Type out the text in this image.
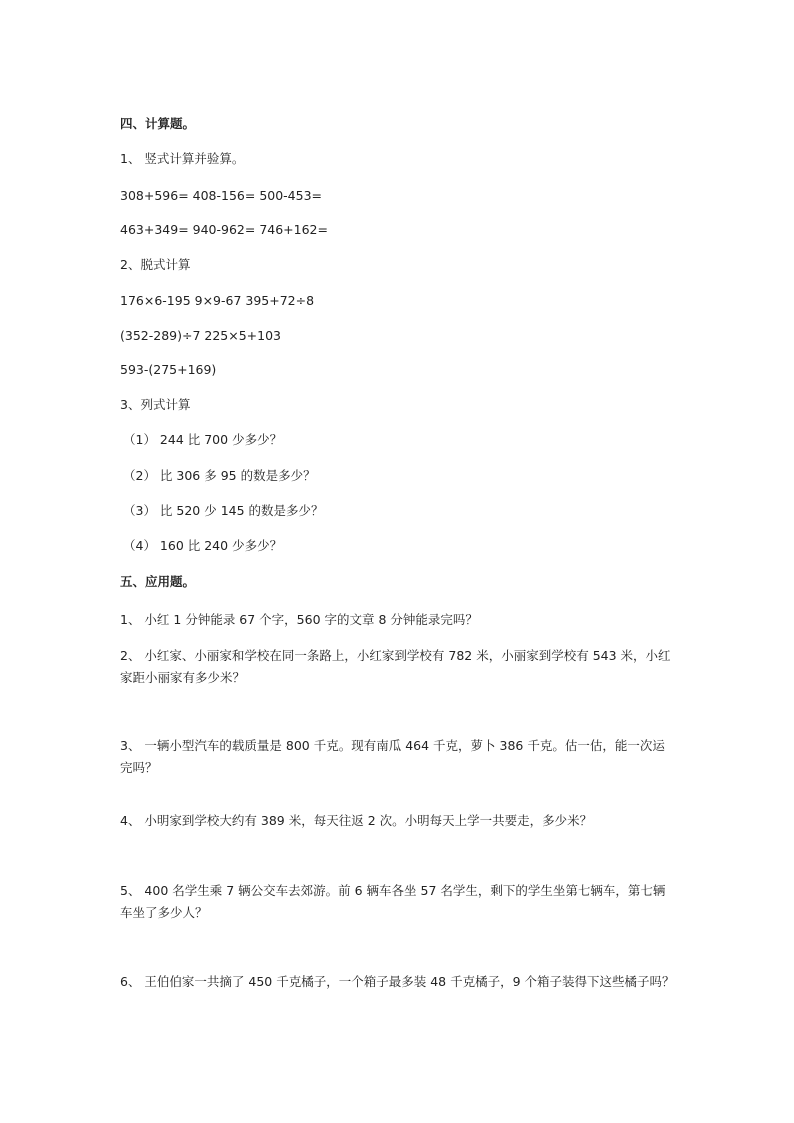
四、计算题。
1、 竖式计算并验算。
308+596= 408-156= 500-453=
463+349= 940-962= 746+162=
2、脱式计算
176×6-195 9×9-67 395+72÷8
(352-289)÷7 225×5+103
593-(275+169)
3、列式计算
（1） 244 比 700 少多少？
（2） 比 306 多 95 的数是多少？
（3） 比 520 少 145 的数是多少？
（4） 160 比 240 少多少？
五、应用题。
1、 小红 1 分钟能录 67 个字，560 字的文章 8 分钟能录完吗？
2、 小红家、小丽家和学校在同一条路上，小红家到学校有 782 米，小丽家到学校有 543 米，小红家距小丽家有多少米？
3、 一辆小型汽车的载质量是 800 千克。现有南瓜 464 千克，萝卜 386 千克。估一估，能一次运完吗？
4、 小明家到学校大约有 389 米，每天往返 2 次。小明每天上学一共要走，多少米？
5、 400 名学生乘 7 辆公交车去郊游。前 6 辆车各坐 57 名学生，剩下的学生坐第七辆车，第七辆车坐了多少人？
6、 王伯伯家一共摘了 450 千克橘子，一个箱子最多装 48 千克橘子，9 个箱子装得下这些橘子吗？
